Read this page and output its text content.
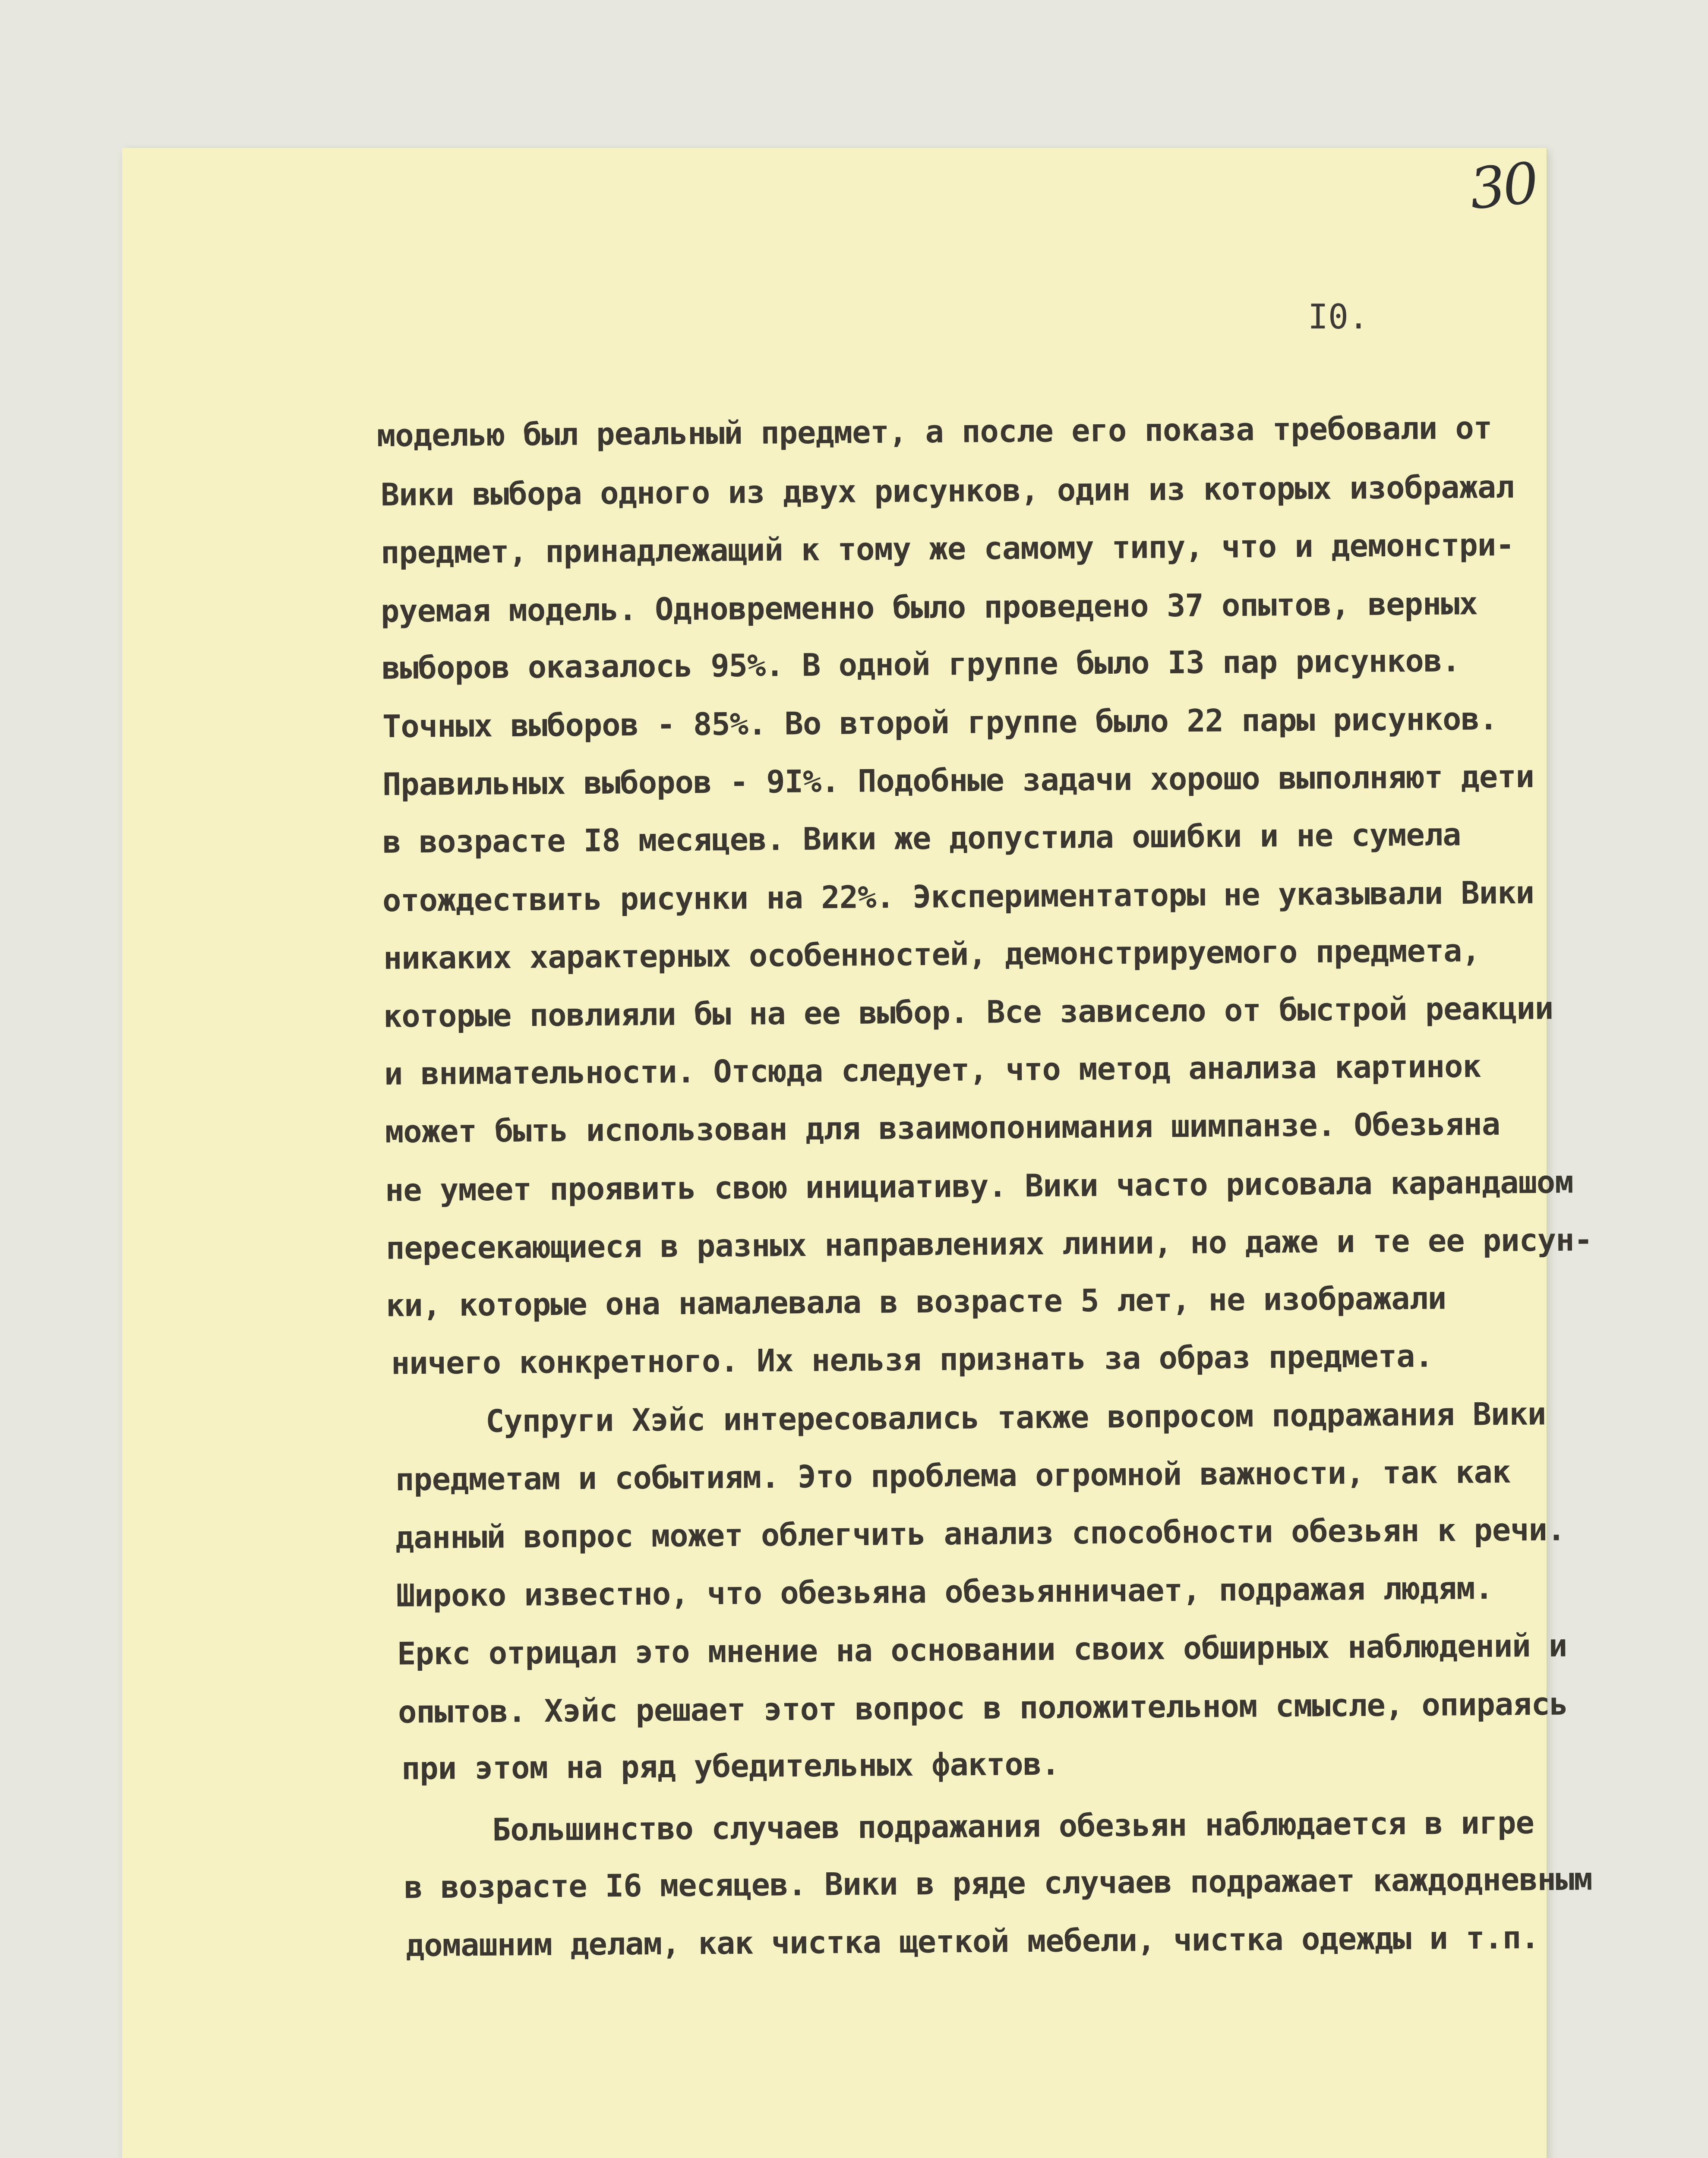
30
I0.
моделью был реальный предмет, а после его показа требовали от
Вики выбора одного из двух рисунков, один из которых изображал
предмет, принадлежащий к тому же самому типу, что и демонстри-
руемая модель. Одновременно было проведено 37 опытов, верных
выборов оказалось 95%. В одной группе было I3 пар рисунков.
Точных выборов - 85%. Во второй группе было 22 пары рисунков.
Правильных выборов - 9I%. Подобные задачи хорошо выполняют дети
в возрасте I8 месяцев. Вики же допустила ошибки и не сумела
отождествить рисунки на 22%. Экспериментаторы не указывали Вики
никаких характерных особенностей, демонстрируемого предмета,
которые повлияли бы на ее выбор. Все зависело от быстрой реакции
и внимательности. Отсюда следует, что метод анализа картинок
может быть использован для взаимопонимания шимпанзе. Обезьяна
не умеет проявить свою инициативу. Вики часто рисовала карандашом
пересекающиеся в разных направлениях линии, но даже и те ее рисун-
ки, которые она намалевала в возрасте 5 лет, не изображали
ничего конкретного. Их нельзя признать за образ предмета.
Супруги Хэйс интересовались также вопросом подражания Вики
предметам и событиям. Это проблема огромной важности, так как
данный вопрос может облегчить анализ способности обезьян к речи.
Широко известно, что обезьяна обезьянничает, подражая людям.
Еркс отрицал это мнение на основании своих обширных наблюдений и
опытов. Хэйс решает этот вопрос в положительном смысле, опираясь
при этом на ряд убедительных фактов.
Большинство случаев подражания обезьян наблюдается в игре
в возрасте I6 месяцев. Вики в ряде случаев подражает каждодневным
домашним делам, как чистка щеткой мебели, чистка одежды и т.п.
